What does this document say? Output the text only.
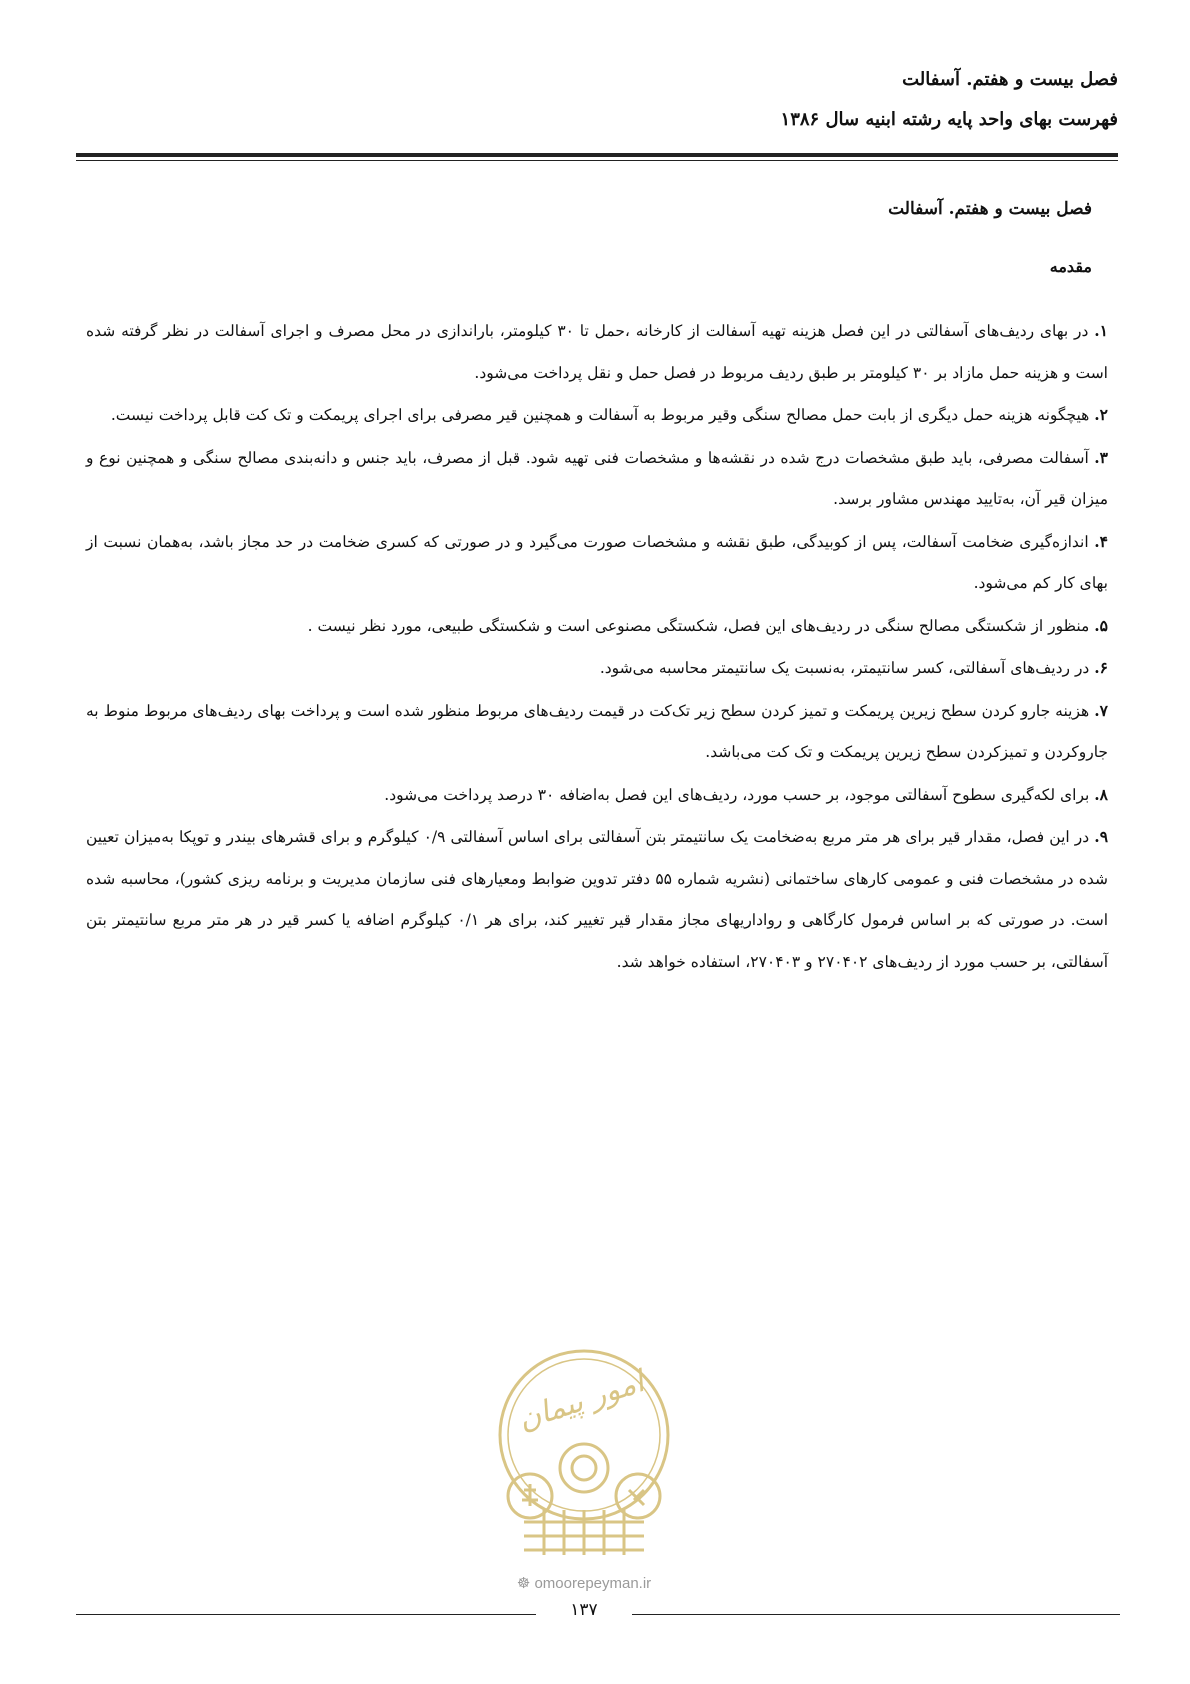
فصل بیست و هفتم. آسفالت
فهرست بهای واحد پایه رشته ابنیه سال ۱۳۸۶
فصل بیست و هفتم. آسفالت
مقدمه

۱. در بهای ردیف‌های آسفالتی در این فصل هزینه تهیه آسفالت از کارخانه ،حمل تا ۳۰ کیلومتر، باراندازی در محل مصرف و اجرای آسفالت در نظر گرفته شده است و هزینه حمل مازاد بر ۳۰ کیلومتر بر طبق ردیف مربوط در فصل حمل و نقل پرداخت می‌شود.

۲. هیچگونه هزینه حمل دیگری از بابت حمل مصالح سنگی وقیر مربوط به آسفالت و همچنین قیر مصرفی برای اجرای پریمکت و تک کت قابل پرداخت نیست.

۳. آسفالت مصرفی، باید طبق مشخصات درج شده در نقشه‌ها و مشخصات فنی تهیه شود. قبل از مصرف، باید جنس و دانه‌بندی مصالح سنگی و همچنین نوع و میزان قیر آن، به‌تایید مهندس مشاور برسد.

۴. اندازه‌گیری ضخامت آسفالت، پس از کوبیدگی، طبق نقشه و مشخصات صورت می‌گیرد و در صورتی که کسری ضخامت در حد مجاز باشد، به‌همان نسبت از بهای کار کم می‌شود.

۵. منظور از شکستگی مصالح سنگی در ردیف‌های این فصل، شکستگی مصنوعی است و شکستگی طبیعی، مورد نظر نیست .

۶. در ردیف‌های آسفالتی، کسر سانتیمتر، به‌نسبت یک سانتیمتر محاسبه می‌شود.

۷. هزینه جارو کردن سطح زیرین پریمکت و تمیز کردن سطح زیر تک‌کت در قیمت ردیف‌های مربوط منظور شده است و پرداخت بهای ردیف‌های مربوط منوط به جاروکردن و تمیزکردن سطح زیرین پریمکت و تک کت می‌باشد.

۸. برای لکه‌گیری سطوح آسفالتی موجود، بر حسب مورد، ردیف‌های این فصل به‌اضافه ۳۰ درصد پرداخت می‌شود.

۹. در این فصل، مقدار قیر برای هر متر مربع به‌ضخامت یک سانتیمتر بتن آسفالتی برای اساس آسفالتی ۰/۹ کیلوگرم و برای قشرهای بیندر و توپکا به‌میزان تعیین شده در مشخصات فنی و عمومی کارهای ساختمانی (نشریه شماره ۵۵ دفتر تدوین ضوابط ومعیارهای فنی سازمان مدیریت و برنامه ریزی کشور)، محاسبه شده است. در صورتی که بر اساس فرمول کارگاهی و رواداریهای مجاز مقدار قیر تغییر کند، برای هر ۰/۱ کیلوگرم اضافه یا کسر قیر در هر متر مربع سانتیمتر بتن آسفالتی، بر حسب مورد از ردیف‌های ۲۷۰۴۰۲ و ۲۷۰۴۰۳، استفاده خواهد شد.

امور پیمان
☸ omoorepeyman.ir
۱۳۷
